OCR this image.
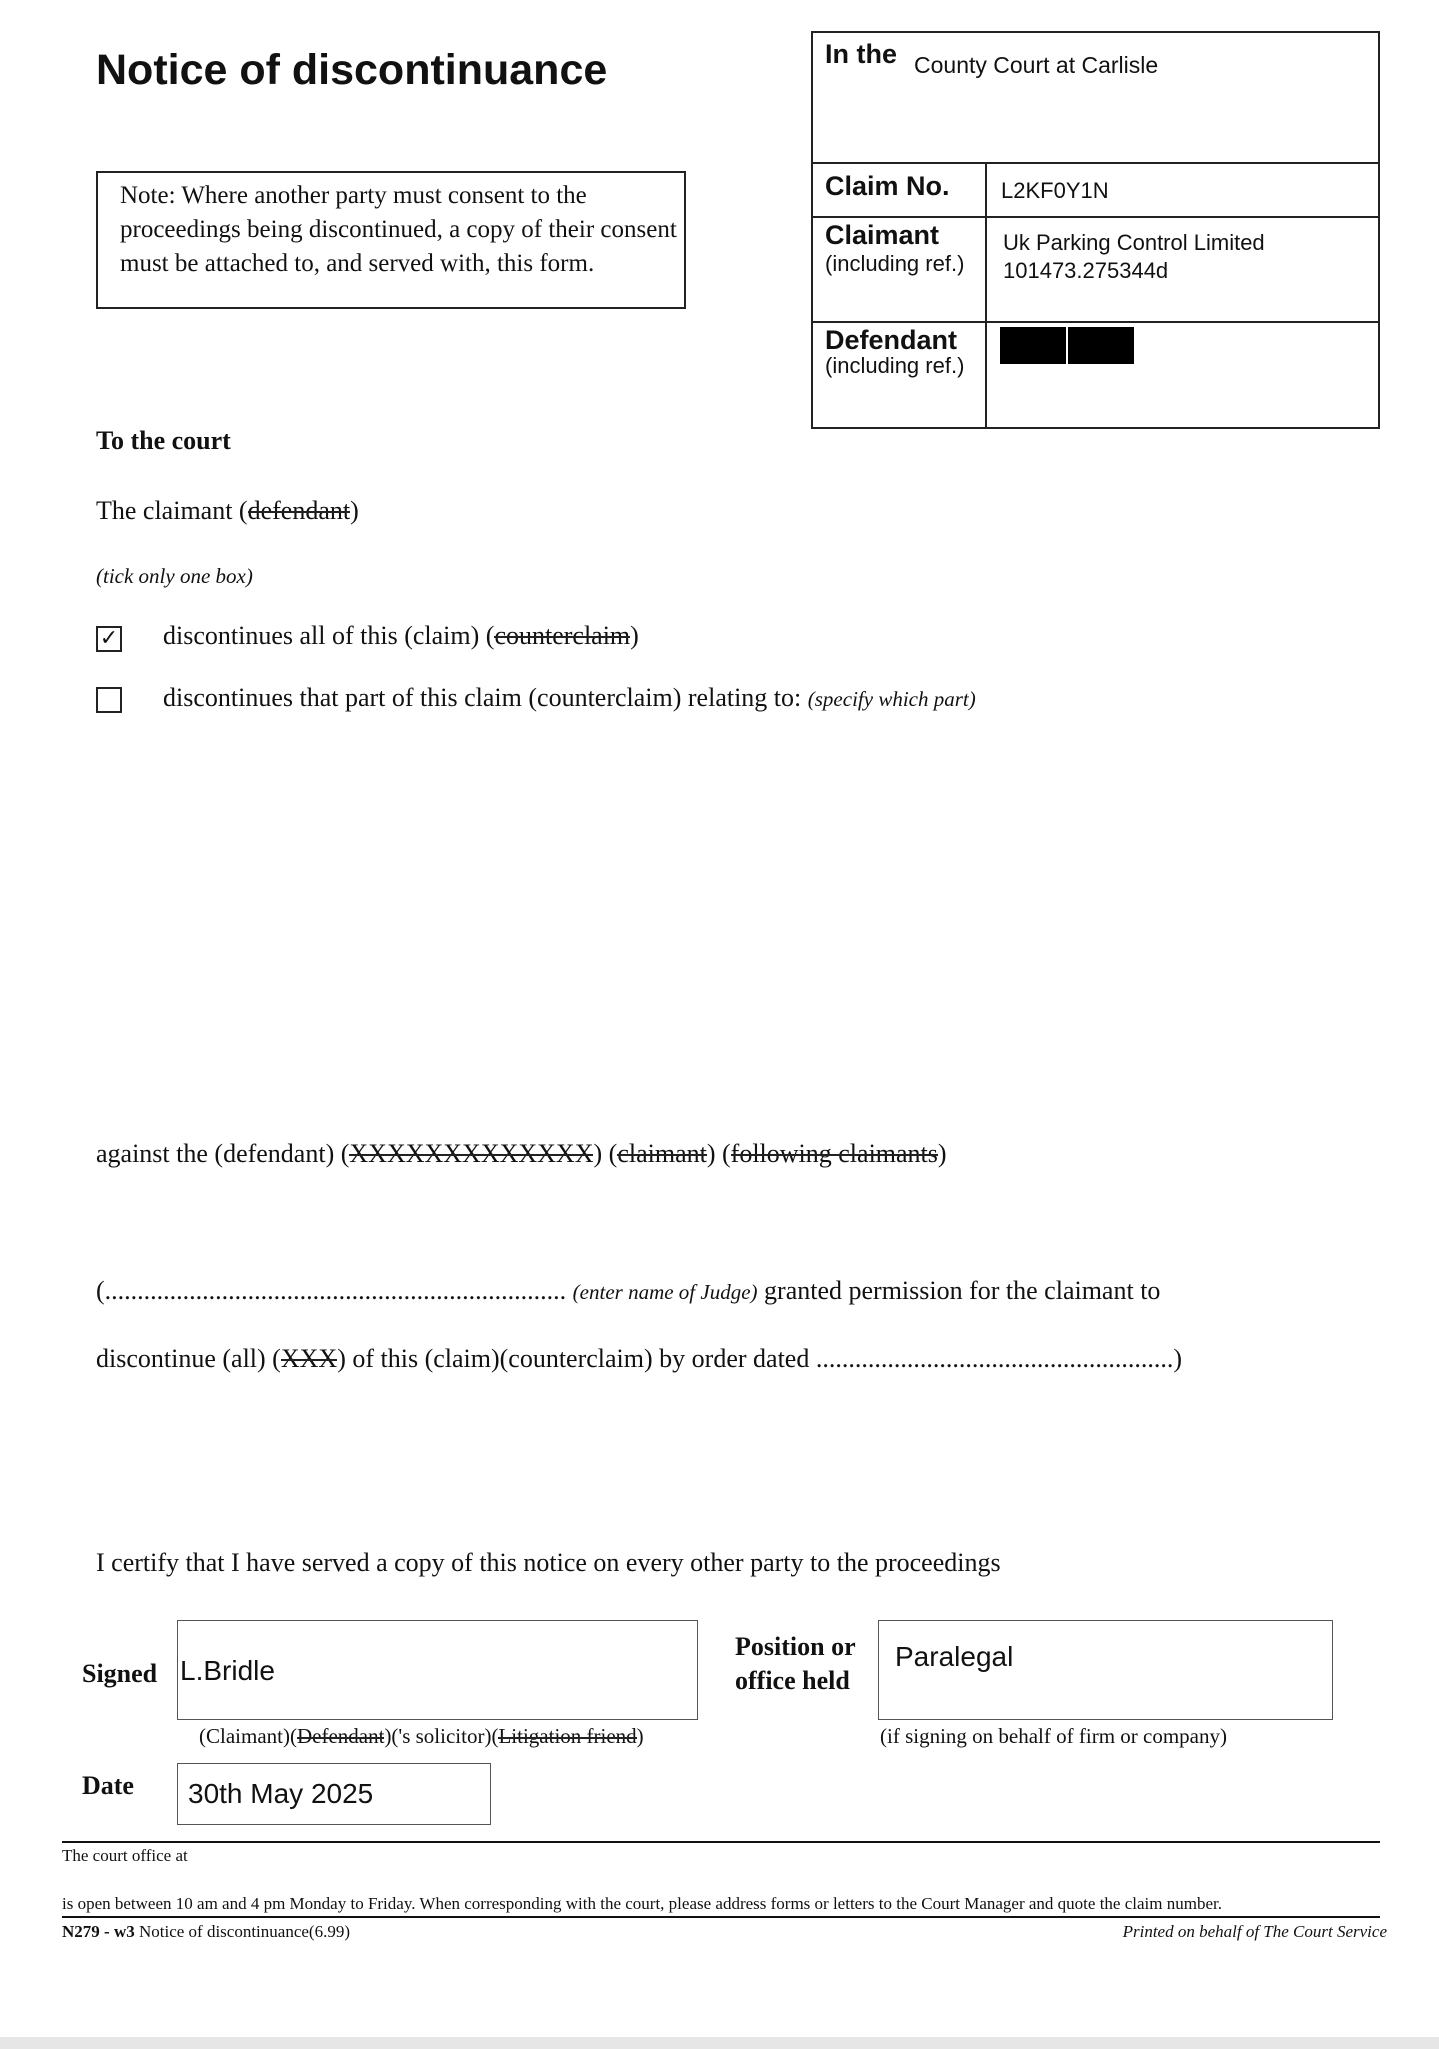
Notice of discontinuance
Note: Where another party must consent to the proceedings being discontinued, a copy of their consent must be attached to, and served with, this form.
In the County Court at Carlisle
Claim No. L2KF0Y1N
Claimant
(including ref.)
Uk Parking Control Limited
101473.275344d
Defendant
(including ref.)
To the court
The claimant (defendant)
(tick only one box)
✓ discontinues all of this (claim) (counterclaim)
discontinues that part of this claim (counterclaim) relating to: (specify which part)
against the (defendant) (XXXXXXXXXXXXX) (claimant) (following claimants)
(....................................................................... (enter name of Judge) granted permission for the claimant to
discontinue (all) (XXX) of this (claim)(counterclaim) by order dated .......................................................)
I certify that I have served a copy of this notice on every other party to the proceedings
Signed L.Bridle
(Claimant)(Defendant)('s solicitor)(Litigation friend)
Position or
office held
Paralegal
(if signing on behalf of firm or company)
Date 30th May 2025
The court office at
is open between 10 am and 4 pm Monday to Friday. When corresponding with the court, please address forms or letters to the Court Manager and quote the claim number.
N279 - w3 Notice of discontinuance(6.99)	Printed on behalf of The Court Service
